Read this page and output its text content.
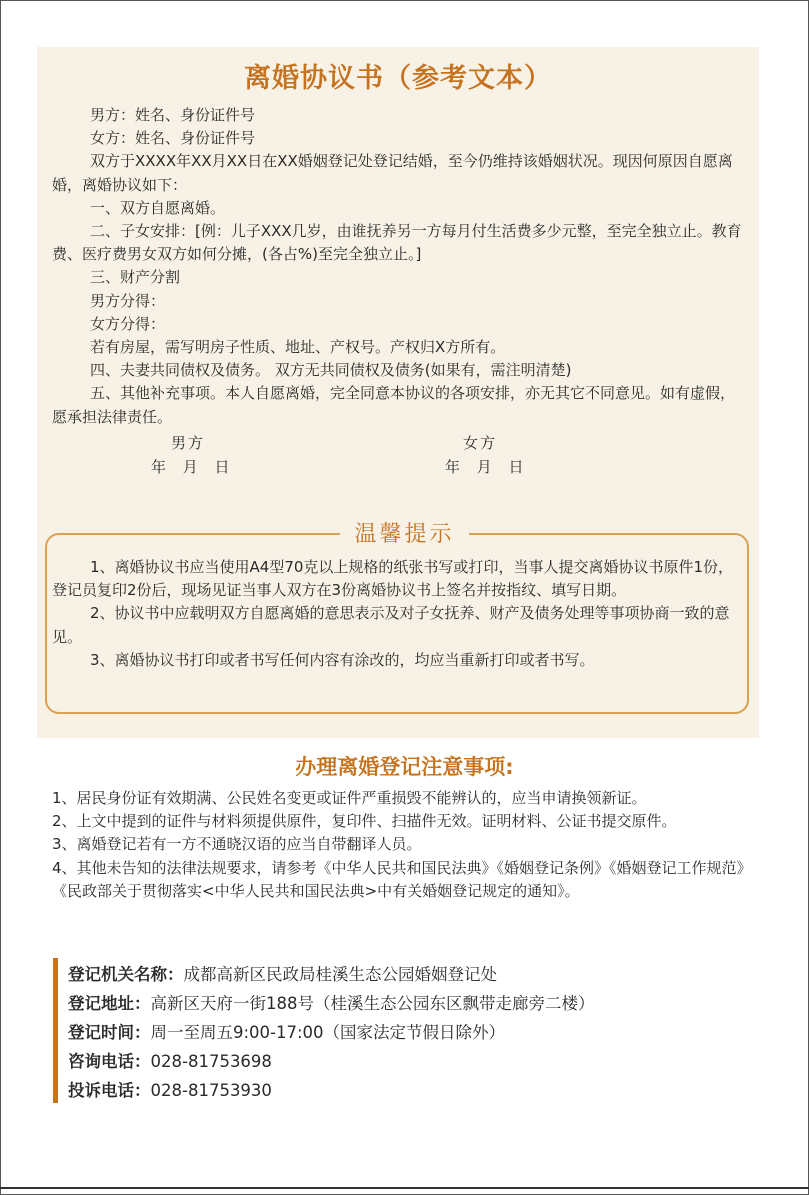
离婚协议书（参考文本）

男方：姓名、身份证件号

女方：姓名、身份证件号

双方于XXXX年XX月XX日在XX婚姻登记处登记结婚，至今仍维持该婚姻状况。现因何原因自愿离婚，离婚协议如下：

一、双方自愿离婚。

二、子女安排：[例：儿子XXX几岁，由谁抚养另一方每月付生活费多少元整，至完全独立止。教育费、医疗费男女双方如何分摊，(各占%)至完全独立止。]

三、财产分割

男方分得：

女方分得：

若有房屋，需写明房子性质、地址、产权号。产权归X方所有。

四、夫妻共同债权及债务。 双方无共同债权及债务(如果有，需注明清楚)

五、其他补充事项。本人自愿离婚，完全同意本协议的各项安排，亦无其它不同意见。如有虚假，愿承担法律责任。

男方	女方
年 月 日	年 月 日
温馨提示

1、离婚协议书应当使用A4型70克以上规格的纸张书写或打印，当事人提交离婚协议书原件1份，登记员复印2份后，现场见证当事人双方在3份离婚协议书上签名并按指纹、填写日期。

2、协议书中应载明双方自愿离婚的意思表示及对子女抚养、财产及债务处理等事项协商一致的意见。

3、离婚协议书打印或者书写任何内容有涂改的，均应当重新打印或者书写。

办理离婚登记注意事项:

1、居民身份证有效期满、公民姓名变更或证件严重损毁不能辨认的，应当申请换领新证。

2、上文中提到的证件与材料须提供原件，复印件、扫描件无效。证明材料、公证书提交原件。

3、离婚登记若有一方不通晓汉语的应当自带翻译人员。

4、其他未告知的法律法规要求，请参考《中华人民共和国民法典》《婚姻登记条例》《婚姻登记工作规范》《民政部关于贯彻落实<中华人民共和国民法典>中有关婚姻登记规定的通知》。

登记机关名称：成都高新区民政局桂溪生态公园婚姻登记处
登记地址：高新区天府一街188号（桂溪生态公园东区飘带走廊旁二楼）
登记时间：周一至周五9:00-17:00（国家法定节假日除外）
咨询电话：028-81753698
投诉电话：028-81753930
